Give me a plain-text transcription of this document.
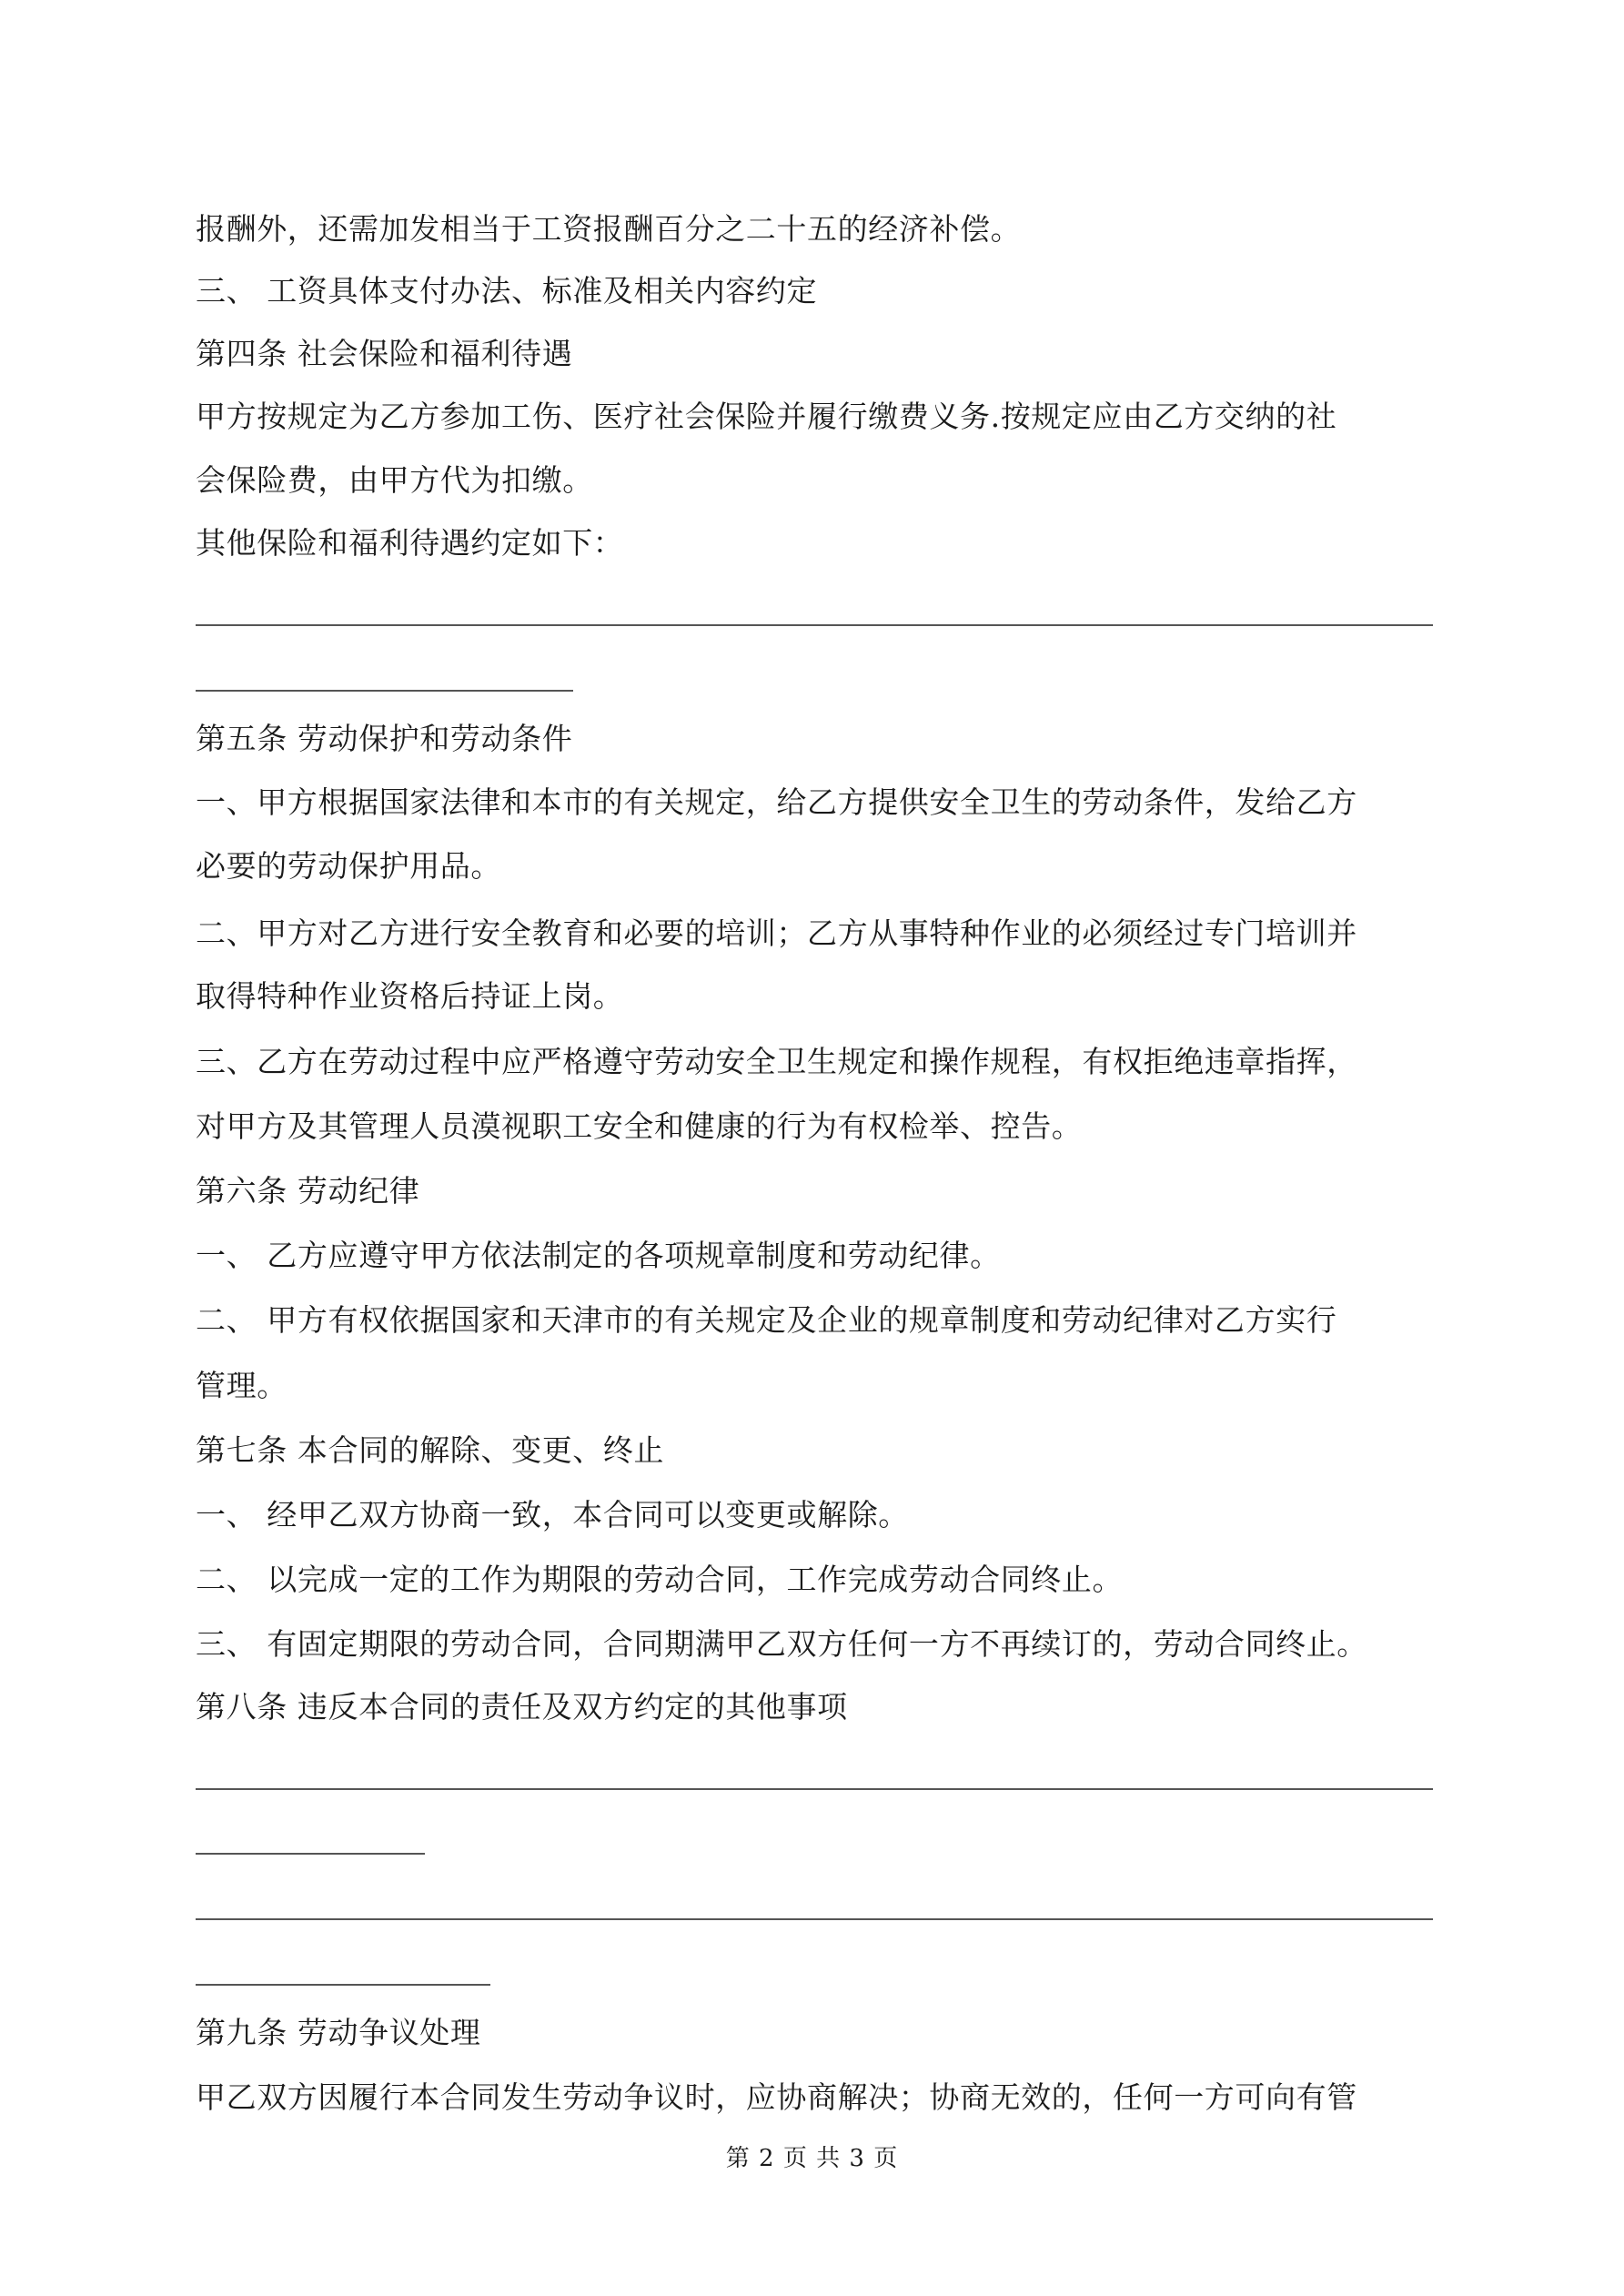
报酬外，还需加发相当于工资报酬百分之二十五的经济补偿。
三、 工资具体支付办法、标准及相关内容约定
第四条 社会保险和福利待遇
甲方按规定为乙方参加工伤、医疗社会保险并履行缴费义务.按规定应由乙方交纳的社
会保险费，由甲方代为扣缴。
其他保险和福利待遇约定如下：
第五条 劳动保护和劳动条件
一、甲方根据国家法律和本市的有关规定，给乙方提供安全卫生的劳动条件，发给乙方
必要的劳动保护用品。
二、甲方对乙方进行安全教育和必要的培训；乙方从事特种作业的必须经过专门培训并
取得特种作业资格后持证上岗。
三、乙方在劳动过程中应严格遵守劳动安全卫生规定和操作规程，有权拒绝违章指挥，
对甲方及其管理人员漠视职工安全和健康的行为有权检举、控告。
第六条 劳动纪律
一、 乙方应遵守甲方依法制定的各项规章制度和劳动纪律。
二、 甲方有权依据国家和天津市的有关规定及企业的规章制度和劳动纪律对乙方实行
管理。
第七条 本合同的解除、变更、终止
一、 经甲乙双方协商一致，本合同可以变更或解除。
二、 以完成一定的工作为期限的劳动合同，工作完成劳动合同终止。
三、 有固定期限的劳动合同，合同期满甲乙双方任何一方不再续订的，劳动合同终止。
第八条 违反本合同的责任及双方约定的其他事项
第九条 劳动争议处理
甲乙双方因履行本合同发生劳动争议时，应协商解决；协商无效的，任何一方可向有管
第 2 页 共 3 页
